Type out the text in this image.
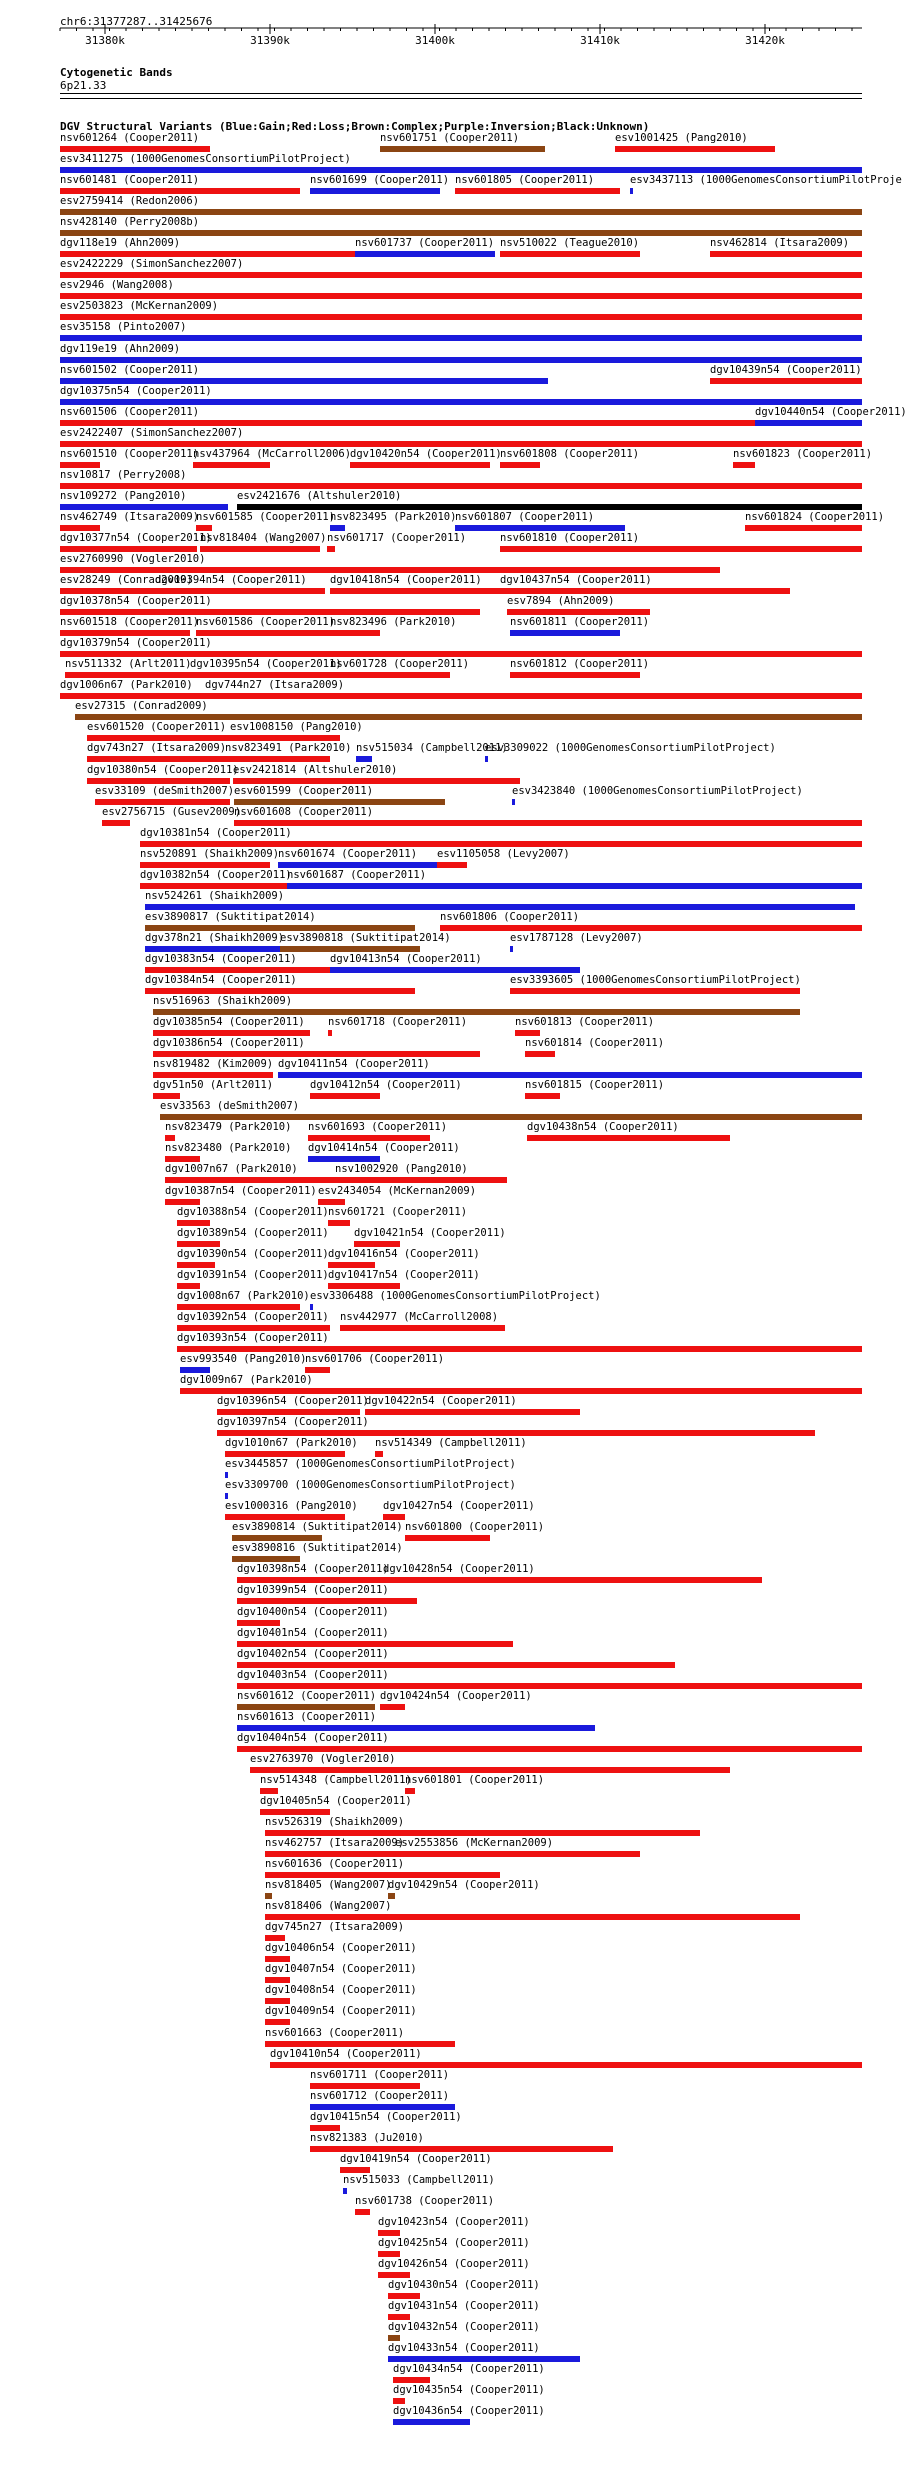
chr6:31377287..31425676
31380k	31390k	31400k	31410k	31420k
Cytogenetic Bands
6p21.33
DGV Structural Variants (Blue:Gain;Red:Loss;Brown:Complex;Purple:Inversion;Black:Unknown)
nsv601264 (Cooper2011)	nsv601751 (Cooper2011)	esv1001425 (Pang2010)
esv3411275 (1000GenomesConsortiumPilotProject)
nsv601481 (Cooper2011)	nsv601699 (Cooper2011) nsv601805 (Cooper2011)	esv3437113 (1000GenomesConsortiumPilotProje
esv2759414 (Redon2006)
nsv428140 (Perry2008b)
dgv118e19 (Ahn2009)	nsv601737 (Cooper2011) nsv510022 (Teague2010)	nsv462814 (Itsara2009)
esv2422229 (SimonSanchez2007)
esv2946 (Wang2008)
esv2503823 (McKernan2009)
esv35158 (Pinto2007)
dgv119e19 (Ahn2009)
nsv601502 (Cooper2011)	dgv10439n54 (Cooper2011)
dgv10375n54 (Cooper2011)
nsv601506 (Cooper2011)	dgv10440n54 (Cooper2011)
esv2422407 (SimonSanchez2007)
nsv601510 (Cooper2011)
nsv437964 (McCarroll2006)
dgv10420n54 (Cooper2011)
nsv601808 (Cooper2011)	nsv601823 (Cooper2011)
nsv10817 (Perry2008)
nsv109272 (Pang2010)	esv2421676 (Altshuler2010)
nsv462749 (Itsara2009)
nsv601585 (Cooper2011)
nsv823495 (Park2010)
nsv601807 (Cooper2011)	nsv601824 (Cooper2011)
dgv10377n54 (Cooper2011)
nsv818404 (Wang2007) nsv601717 (Cooper2011)	nsv601810 (Cooper2011)
esv2760990 (Vogler2010)
esv28249 (Conrad2009)
dgv10394n54 (Cooper2011) dgv10418n54 (Cooper2011) dgv10437n54 (Cooper2011)
dgv10378n54 (Cooper2011)	esv7894 (Ahn2009)
nsv601518 (Cooper2011)
nsv601586 (Cooper2011)
nsv823496 (Park2010)	nsv601811 (Cooper2011)
dgv10379n54 (Cooper2011)
nsv511332 (Arlt2011)
dgv10395n54 (Cooper2011)
nsv601728 (Cooper2011)	nsv601812 (Cooper2011)
dgv1006n67 (Park2010) dgv744n27 (Itsara2009)
esv27315 (Conrad2009)
esv601520 (Cooper2011) esv1008150 (Pang2010)
dgv743n27 (Itsara2009)
nsv823491 (Park2010) nsv515034 (Campbell2011)
esv3309022 (1000GenomesConsortiumPilotProject)
dgv10380n54 (Cooper2011)
esv2421814 (Altshuler2010)
esv33109 (deSmith2007) esv601599 (Cooper2011)	esv3423840 (1000GenomesConsortiumPilotProject)
esv2756715 (Gusev2009)
nsv601608 (Cooper2011)
dgv10381n54 (Cooper2011)
nsv520891 (Shaikh2009)
nsv601674 (Cooper2011) esv1105058 (Levy2007)
dgv10382n54 (Cooper2011)
nsv601687 (Cooper2011)
nsv524261 (Shaikh2009)
esv3890817 (Suktitipat2014)	nsv601806 (Cooper2011)
dgv378n21 (Shaikh2009)
esv3890818 (Suktitipat2014)	esv1787128 (Levy2007)
dgv10383n54 (Cooper2011)	dgv10413n54 (Cooper2011)
dgv10384n54 (Cooper2011)	esv3393605 (1000GenomesConsortiumPilotProject)
nsv516963 (Shaikh2009)
dgv10385n54 (Cooper2011) nsv601718 (Cooper2011)	nsv601813 (Cooper2011)
dgv10386n54 (Cooper2011)	nsv601814 (Cooper2011)
nsv819482 (Kim2009) dgv10411n54 (Cooper2011)
dgv51n50 (Arlt2011)	dgv10412n54 (Cooper2011)	nsv601815 (Cooper2011)
esv33563 (deSmith2007)
nsv823479 (Park2010) nsv601693 (Cooper2011)	dgv10438n54 (Cooper2011)
nsv823480 (Park2010) dgv10414n54 (Cooper2011)
dgv1007n67 (Park2010)	nsv1002920 (Pang2010)
dgv10387n54 (Cooper2011) esv2434054 (McKernan2009)
dgv10388n54 (Cooper2011) nsv601721 (Cooper2011)
dgv10389n54 (Cooper2011) dgv10421n54 (Cooper2011)
dgv10390n54 (Cooper2011) dgv10416n54 (Cooper2011)
dgv10391n54 (Cooper2011) dgv10417n54 (Cooper2011)
dgv1008n67 (Park2010) esv3306488 (1000GenomesConsortiumPilotProject)
dgv10392n54 (Cooper2011) nsv442977 (McCarroll2008)
dgv10393n54 (Cooper2011)
esv993540 (Pang2010)
nsv601706 (Cooper2011)
dgv1009n67 (Park2010)
dgv10396n54 (Cooper2011)
dgv10422n54 (Cooper2011)
dgv10397n54 (Cooper2011)
dgv1010n67 (Park2010) nsv514349 (Campbell2011)
esv3445857 (1000GenomesConsortiumPilotProject)
esv3309700 (1000GenomesConsortiumPilotProject)
esv1000316 (Pang2010) dgv10427n54 (Cooper2011)
esv3890814 (Suktitipat2014) nsv601800 (Cooper2011)
esv3890816 (Suktitipat2014)
dgv10398n54 (Cooper2011)
dgv10428n54 (Cooper2011)
dgv10399n54 (Cooper2011)
dgv10400n54 (Cooper2011)
dgv10401n54 (Cooper2011)
dgv10402n54 (Cooper2011)
dgv10403n54 (Cooper2011)
nsv601612 (Cooper2011) dgv10424n54 (Cooper2011)
nsv601613 (Cooper2011)
dgv10404n54 (Cooper2011)
esv2763970 (Vogler2010)
nsv514348 (Campbell2011)
nsv601801 (Cooper2011)
dgv10405n54 (Cooper2011)
nsv526319 (Shaikh2009)
nsv462757 (Itsara2009)
esv2553856 (McKernan2009)
nsv601636 (Cooper2011)
nsv818405 (Wang2007)
dgv10429n54 (Cooper2011)
nsv818406 (Wang2007)
dgv745n27 (Itsara2009)
dgv10406n54 (Cooper2011)
dgv10407n54 (Cooper2011)
dgv10408n54 (Cooper2011)
dgv10409n54 (Cooper2011)
nsv601663 (Cooper2011)
dgv10410n54 (Cooper2011)
nsv601711 (Cooper2011)
nsv601712 (Cooper2011)
dgv10415n54 (Cooper2011)
nsv821383 (Ju2010)
dgv10419n54 (Cooper2011)
nsv515033 (Campbell2011)
nsv601738 (Cooper2011)
dgv10423n54 (Cooper2011)
dgv10425n54 (Cooper2011)
dgv10426n54 (Cooper2011)
dgv10430n54 (Cooper2011)
dgv10431n54 (Cooper2011)
dgv10432n54 (Cooper2011)
dgv10433n54 (Cooper2011)
dgv10434n54 (Cooper2011)
dgv10435n54 (Cooper2011)
dgv10436n54 (Cooper2011)
